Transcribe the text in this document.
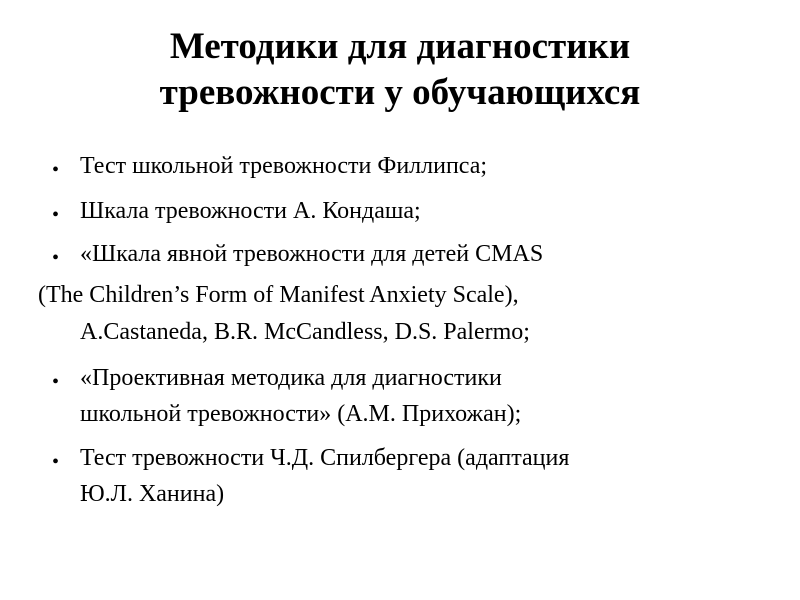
Методики для диагностики
тревожности у обучающихся
• Тест школьной тревожности Филлипса;
• Шкала тревожности А. Кондаша;
• «Шкала явной тревожности для детей CMAS
(The Children’s Form of Manifest Anxiety Scale),
A.Castaneda, B.R. McCandless, D.S. Palermo;
• «Проективная методика для диагностики
школьной тревожности» (А.М. Прихожан);
• Тест тревожности Ч.Д. Спилбергера (адаптация
Ю.Л. Ханина)
